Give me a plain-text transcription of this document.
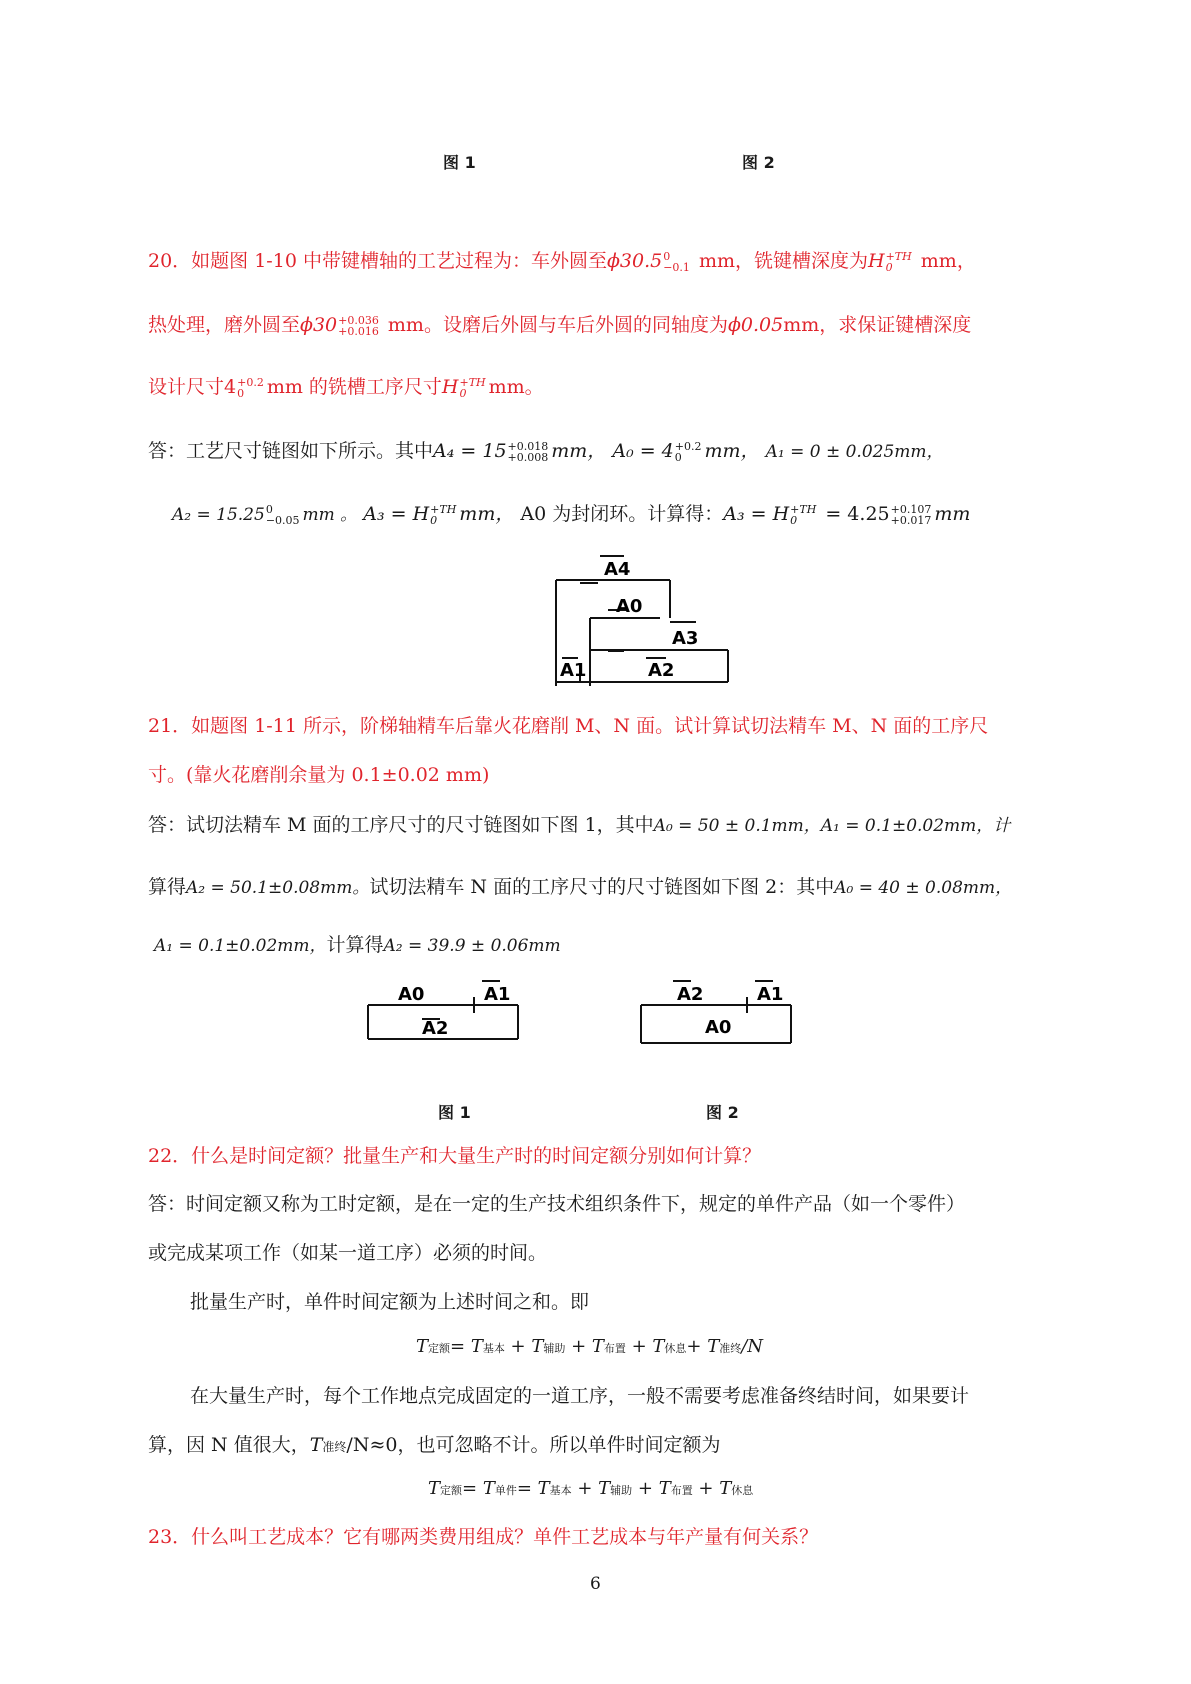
图 1	图 2
20．如题图 1-10 中带键槽轴的工艺过程为：车外圆至ϕ30.5 0
−0.1 mm，铣键槽深度为H +TH
0	mm，
热处理，磨外圆至ϕ30 +0.036
+0.016 mm。设磨后外圆与车后外圆的同轴度为ϕ0.05mm，求保证键槽深度
设计尺寸4 +0.2
0	mm 的铣槽工序尺寸H +TH
0	mm。
答：工艺尺寸链图如下所示。其中A₄ = 15 +0.018
+0.008 mm， A₀ = 4 +0.2
0	mm， A₁ = 0 ± 0.025mm，
A₂ = 15.25 0
−0.05 mm 。 A₃ = H +TH
0	mm， A0 为封闭环。计算得：A₃ = H +TH
0	= 4.25 +0.107
+0.017 mm
A4
A0
A3
A1	A2
21．如题图 1-11 所示，阶梯轴精车后靠火花磨削 M、N 面。试计算试切法精车 M、N 面的工序尺
寸。(靠火花磨削余量为 0.1±0.02 mm)
答：试切法精车 M 面的工序尺寸的尺寸链图如下图 1，其中A₀ = 50 ± 0.1mm，A₁ = 0.1±0.02mm，计
算得A₂ = 50.1±0.08mm。试切法精车 N 面的工序尺寸的尺寸链图如下图 2：其中A₀ = 40 ± 0.08mm，
A₁ = 0.1±0.02mm，计算得A₂ = 39.9 ± 0.06mm
A0	A1
A2
A2	A1
A0
图 1	图 2
22．什么是时间定额？批量生产和大量生产时的时间定额分别如何计算？
答：时间定额又称为工时定额，是在一定的生产技术组织条件下，规定的单件产品（如一个零件）
或完成某项工作（如某一道工序）必须的时间。
批量生产时，单件时间定额为上述时间之和。即
T定额= T基本 + T辅助 + T布置 + T休息+ T准终/N
在大量生产时，每个工作地点完成固定的一道工序，一般不需要考虑准备终结时间，如果要计
算，因 N 值很大，T准终/N≈0，也可忽略不计。所以单件时间定额为
T定额= T单件= T基本 + T辅助 + T布置 + T休息
23．什么叫工艺成本？它有哪两类费用组成？单件工艺成本与年产量有何关系？
6
